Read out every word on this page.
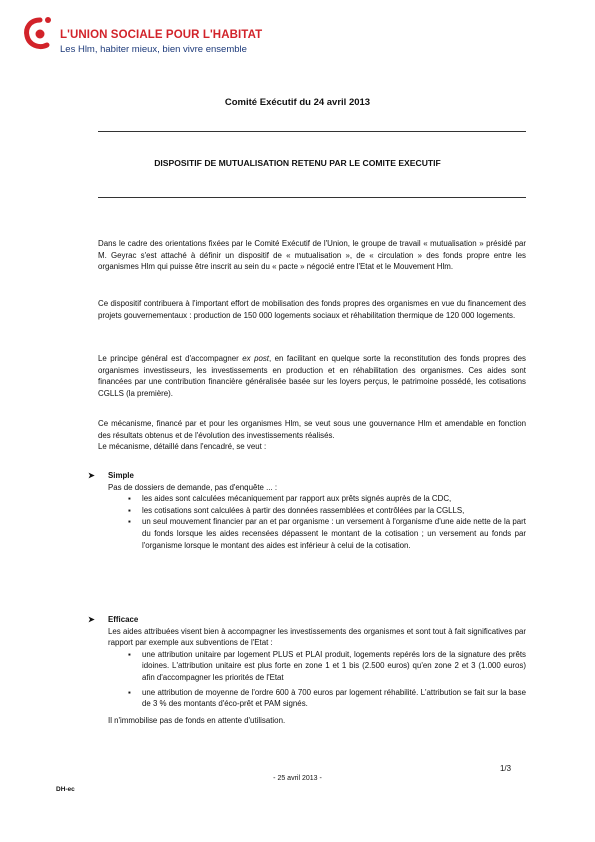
L'UNION SOCIALE POUR L'HABITAT
Les Hlm, habiter mieux, bien vivre ensemble
Comité Exécutif du 24 avril 2013
DISPOSITIF DE MUTUALISATION RETENU PAR LE COMITE EXECUTIF

Dans le cadre des orientations fixées par le Comité Exécutif de l'Union, le groupe de travail « mutualisation » présidé par M. Geyrac s'est attaché à définir un dispositif de « mutualisation », de « circulation » des fonds propre entre les organismes Hlm qui puisse être inscrit au sein du « pacte » négocié entre l'Etat et le Mouvement Hlm.

Ce dispositif contribuera à l'important effort de mobilisation des fonds propres des organismes en vue du financement des projets gouvernementaux : production de 150 000 logements sociaux et réhabilitation thermique de 120 000 logements.

Le principe général est d'accompagner ex post, en facilitant en quelque sorte la reconstitution des fonds propres des organismes investisseurs, les investissements en production et en réhabilitation des organismes. Ces aides sont financées par une contribution financière généralisée basée sur les loyers perçus, le patrimoine possédé, les cotisations CGLLS (la première).

Ce mécanisme, financé par et pour les organismes Hlm, se veut sous une gouvernance Hlm et amendable en fonction des résultats obtenus et de l'évolution des investissements réalisés.

Le mécanisme, détaillé dans l'encadré, se veut :

➤ Simple
Pas de dossiers de demande, pas d'enquête ... :
▪ les aides sont calculées mécaniquement par rapport aux prêts signés auprès de la CDC,
▪ les cotisations sont calculées à partir des données rassemblées et contrôlées par la CGLLS,
▪ un seul mouvement financier par an et par organisme : un versement à l'organisme d'une aide nette de la part du fonds lorsque les aides recensées dépassent le montant de la cotisation ; un versement au fonds par l'organisme lorsque le montant des aides est inférieur à celui de la cotisation.
➤ Efficace
Les aides attribuées visent bien à accompagner les investissements des organismes et sont tout à fait significatives par rapport par exemple aux subventions de l'Etat :
▪ une attribution unitaire par logement PLUS et PLAI produit, logements repérés lors de la signature des prêts idoines. L'attribution unitaire est plus forte en zone 1 et 1 bis (2.500 euros) qu'en zone 2 et 3 (1.000 euros) afin d'accompagner les priorités de l'Etat
▪ une attribution de moyenne de l'ordre 600 à 700 euros par logement réhabilité. L'attribution se fait sur la base de 3 % des montants d'éco-prêt et PAM signés.
Il n'immobilise pas de fonds en attente d'utilisation.
1/3
- 25 avril 2013 -
DH-ec
